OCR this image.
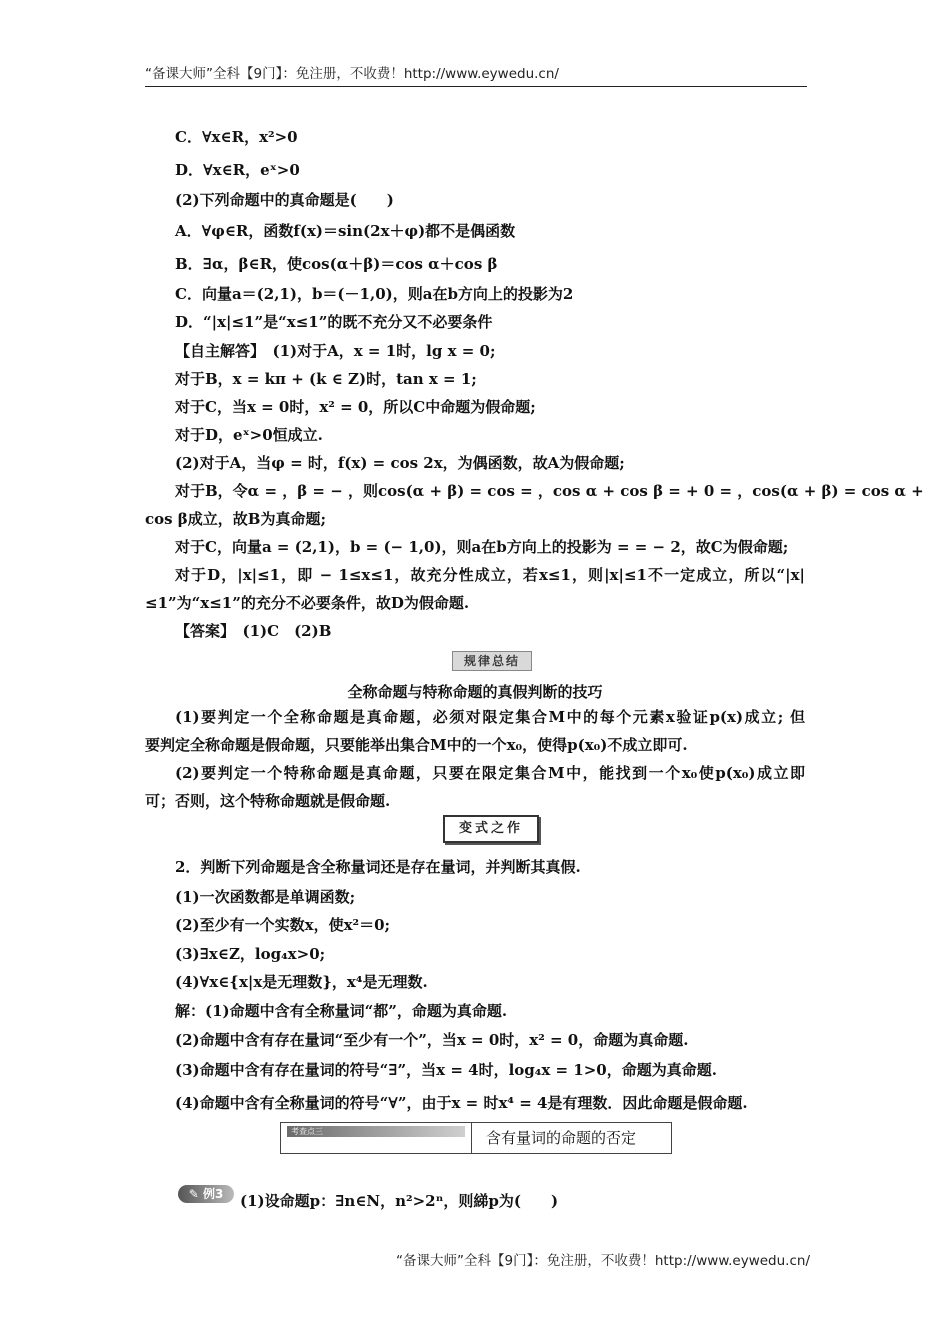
“备课大师”全科【9门】：免注册，不收费！http://www.eywedu.cn/
C．∀x∈R，x²>0
D．∀x∈R，eˣ>0
(2)下列命题中的真命题是(　　)
A．∀φ∈R，函数f(x)＝sin(2x＋φ)都不是偶函数
B．∃α，β∈R，使cos(α＋β)＝cos α＋cos β
C．向量a＝(2,1)，b＝(－1,0)，则a在b方向上的投影为2
D．“|x|≤1”是“x≤1”的既不充分又不必要条件
【自主解答】　(1)对于A，x = 1时，lg x = 0;
对于B，x = kπ + (k ∈ Z)时，tan x = 1;
对于C，当x = 0时，x² = 0，所以C中命题为假命题;
对于D，eˣ>0恒成立.
(2)对于A，当φ = 时，f(x) = cos 2x，为偶函数，故A为假命题;
对于B，令α = ，β = − ，则cos(α + β) = cos = ，cos α + cos β = + 0 = ，cos(α + β) = cos α +
cos β成立，故B为真命题;
对于C，向量a = (2,1)，b = (− 1,0)，则a在b方向上的投影为 = = − 2，故C为假命题;
对于D，|x|≤1，即 − 1≤x≤1，故充分性成立，若x≤1，则|x|≤1不一定成立，所以“|x|
≤1”为“x≤1”的充分不必要条件，故D为假命题.
【答案】　(1)C　(2)B
规律总结
全称命题与特称命题的真假判断的技巧
(1)要判定一个全称命题是真命题，必须对限定集合M中的每个元素x验证p(x)成立; 但
要判定全称命题是假命题，只要能举出集合M中的一个x₀，使得p(x₀)不成立即可.
(2)要判定一个特称命题是真命题，只要在限定集合M中，能找到一个x₀使p(x₀)成立即
可；否则，这个特称命题就是假命题.
变式之作
2．判断下列命题是含全称量词还是存在量词，并判断其真假.
(1)一次函数都是单调函数;
(2)至少有一个实数x，使x²＝0;
(3)∃x∈Z，log₄x>0;
(4)∀x∈{x|x是无理数}，x⁴是无理数.
解：(1)命题中含有全称量词“都”，命题为真命题.
(2)命题中含有存在量词“至少有一个”，当x = 0时，x² = 0，命题为真命题.
(3)命题中含有存在量词的符号“∃”，当x = 4时，log₄x = 1>0，命题为真命题.
(4)命题中含有全称量词的符号“∀”，由于x = 时x⁴ = 4是有理数．因此命题是假命题.
考查点三	含有量词的命题的否定
✎ 例3	(1)设命题p：∃n∈N，n²>2ⁿ，则綈p为(　　)
“备课大师”全科【9门】：免注册，不收费！http://www.eywedu.cn/
